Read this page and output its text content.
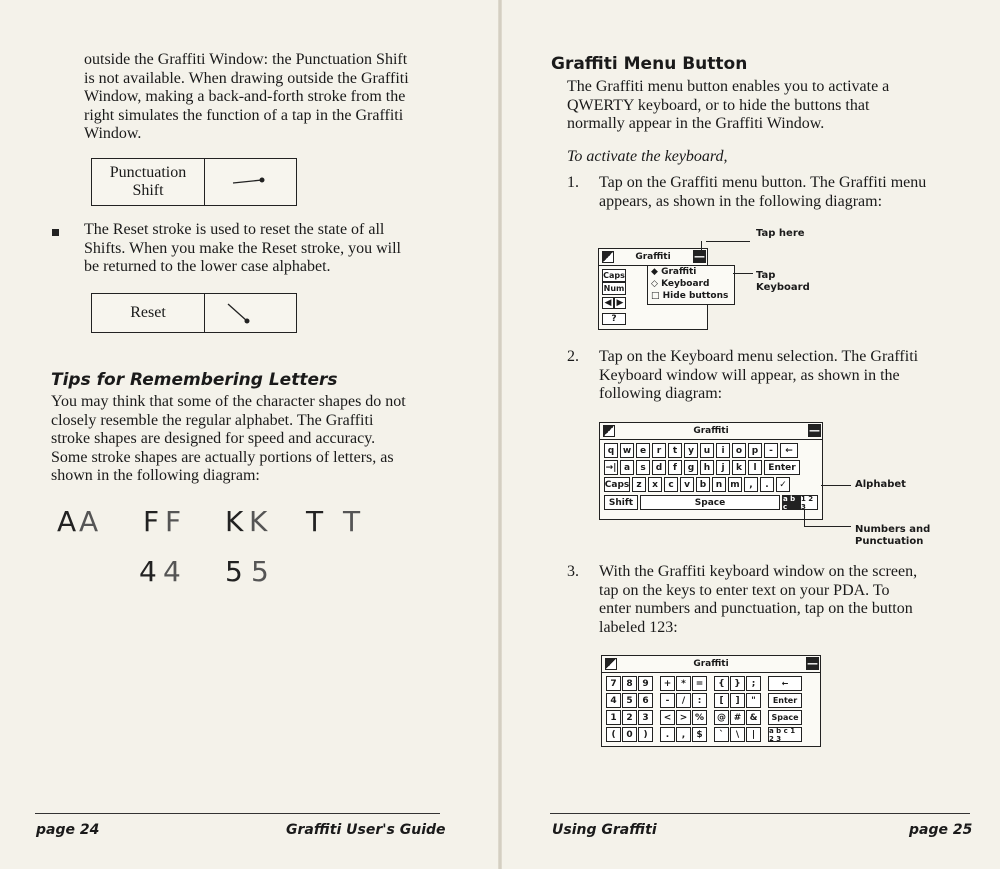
outside the Graffiti Window: the Punctuation Shift
is not available. When drawing outside the Graffiti
Window, making a back-and-forth stroke from the
right simulates the function of a tap in the Graffiti
Window.
Punctuation
Shift
The Reset stroke is used to reset the state of all
Shifts. When you make the Reset stroke, you will
be returned to the lower case alphabet.
Reset
Tips for Remembering Letters
You may think that some of the character shapes do not
closely resemble the regular alphabet. The Graffiti
stroke shapes are designed for speed and accuracy.
Some stroke shapes are actually portions of letters, as
shown in the following diagram:
A A F F K K T T
4 4 5 5
page 24	Graffiti User's Guide
Graffiti Menu Button
The Graffiti menu button enables you to activate a
QWERTY keyboard, or to hide the buttons that
normally appear in the Graffiti Window.
To activate the keyboard,
1. Tap on the Graffiti menu button. The Graffiti menu
appears, as shown in the following diagram:
Graffiti —
Caps
Num
◀ ▶
?
◆ Graffiti
◇ Keyboard
□ Hide buttons
Tap here
Tap
Keyboard
2. Tap on the Keyboard menu selection. The Graffiti
Keyboard window will appear, as shown in the
following diagram:
Graffiti	—
q w e	r	t	y	u	i	o	p	-	←
→| a	s	d	f	g	h	j	k	l	Enter
Caps z	x	c	v	b	n m	,	.	✓
Shift	Space	a b c
1 2 3
Alphabet
Numbers and
Punctuation
3. With the Graffiti keyboard window on the screen,
tap on the keys to enter text on your PDA. To
enter numbers and punctuation, tap on the button
labeled 123:
Graffiti	—
7	8	9	+	*	=	{	}	;	←
4	5	6	-	/	:	[	]	"	Enter
1	2	3	< > %	@ # &	Space
(	0	)	.	,	$	`	\	|	a b c 1 2 3
Using Graffiti	page 25
